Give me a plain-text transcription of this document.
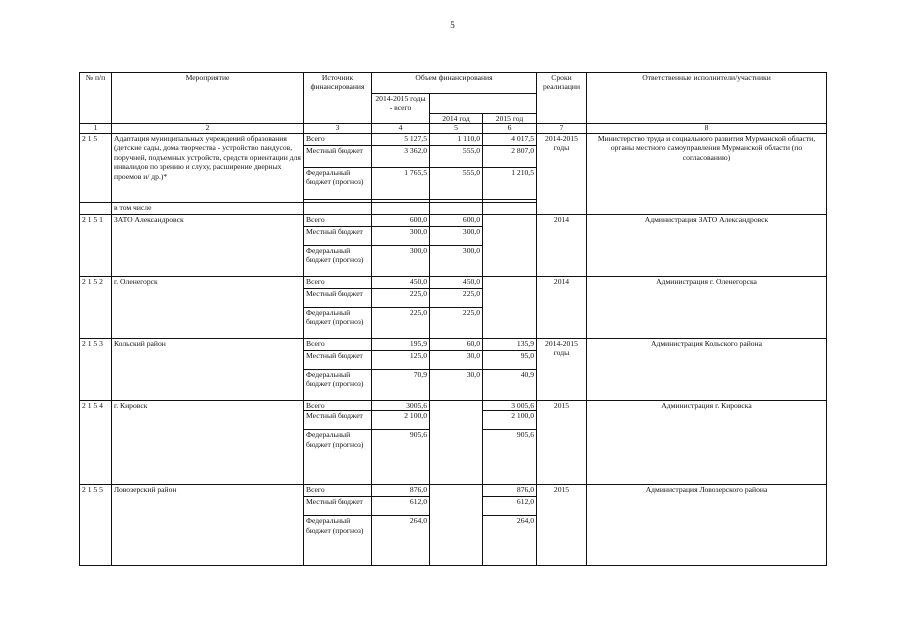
5
№ п/п	Мероприятие	Источник финансирования	Объем финансирования			Сроки реализации	Ответственные исполнители/участники
			2014-2015 годы - всего				
				2014 год	2015 год		
1	2	3	4	5	6	7	8
2 1 5	Адаптация муниципальных учреждений образования (детские сады, дома творчества - устройство пандусов, поручней, подъемных устройств, средств ориентации для инвалидов по зрению и слуху, расширение дверных проемов и/ др.)*	Всего	5 127,5	1 110,0	4 017,5	2014-2015 годы	Министерство труда и социального развития Мурманской области, органы местного самоуправления Мурманской области (по согласованию)
		Местный бюджет	3 362,0	555,0	2 807,0		
		Федеральный бюджет (прогноз)	1 765,5	555,0	1 210,5		

	в том числе						
2 1 5 1	ЗАТО Александровск	Всего	600,0	600,0		2014	Администрация ЗАТО Александровск
		Местный бюджет	300,0	300,0			
		Федеральный бюджет (прогноз)	300,0	300,0			
2 1 5 2	г. Оленегорск	Всего	450,0	450,0		2014	Администрация г. Оленегорска
		Местный бюджет	225,0	225,0			
		Федеральный бюджет (прогноз)	225,0	225,0			
2 1 5 3	Кольский район	Всего	195,9	60,0	135,9	2014-2015 годы	Администрация Кольского района
		Местный бюджет	125,0	30,0	95,0		
		Федеральный бюджет (прогноз)	70,9	30,0	40,9		
2 1 5 4	г. Кировск	Всего	3005,6		3 005,6	2015	Администрация г. Кировска
		Местный бюджет	2 100,0		2 100,0		
		Федеральный бюджет (прогноз)	905,6		905,6		
2 1 5 5	Ловозерский район	Всего	876,0		876,0	2015	Администрация Ловозерского района
		Местный бюджет	612,0		612,0		
		Федеральный бюджет (прогноз)	264,0		264,0		
